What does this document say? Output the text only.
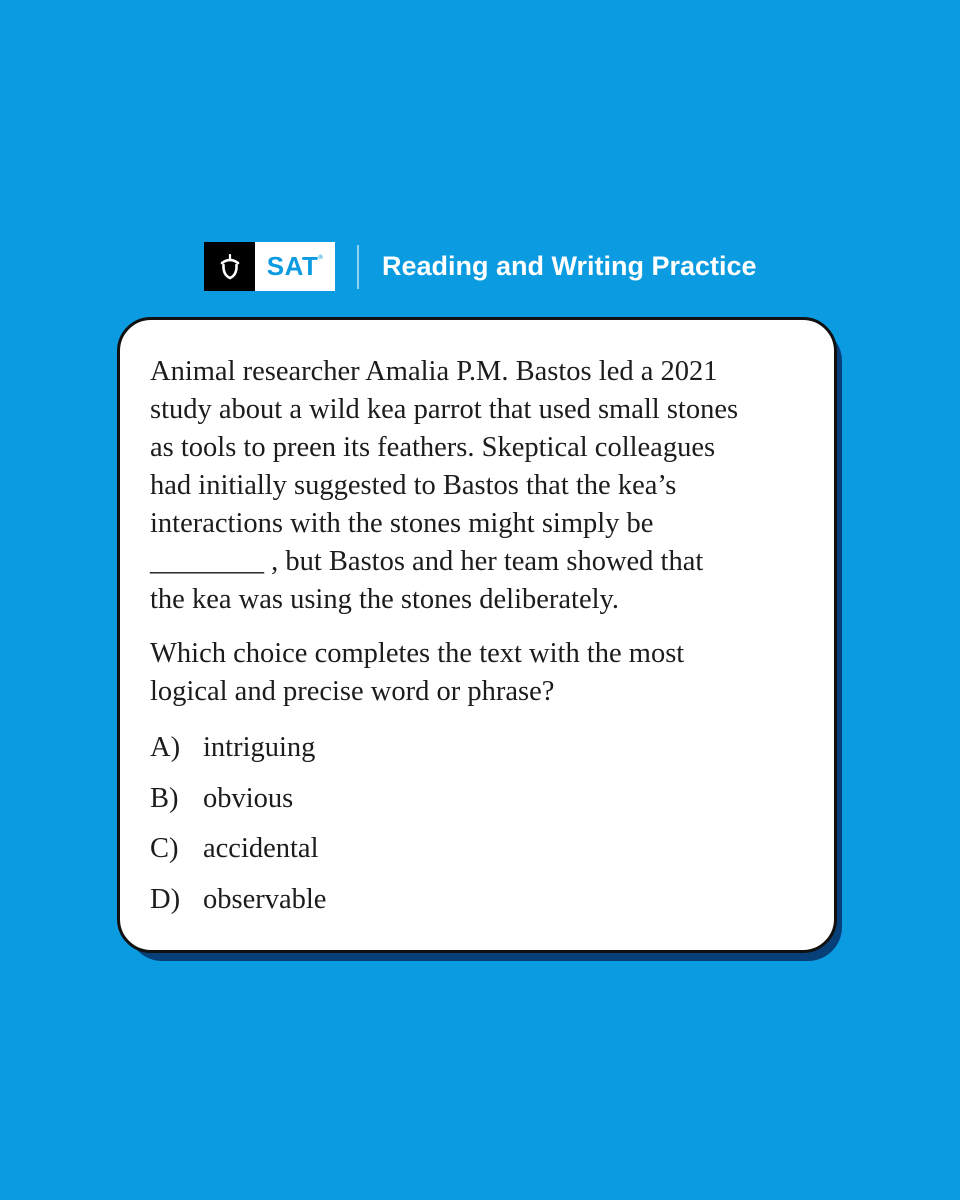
SAT® Reading and Writing Practice
Animal researcher Amalia P.M. Bastos led a 2021
study about a wild kea parrot that used small stones
as tools to preen its feathers. Skeptical colleagues
had initially suggested to Bastos that the kea’s
interactions with the stones might simply be
________ , but Bastos and her team showed that
the kea was using the stones deliberately.
Which choice completes the text with the most
logical and precise word or phrase?
A) intriguing
B) obvious
C) accidental
D) observable
